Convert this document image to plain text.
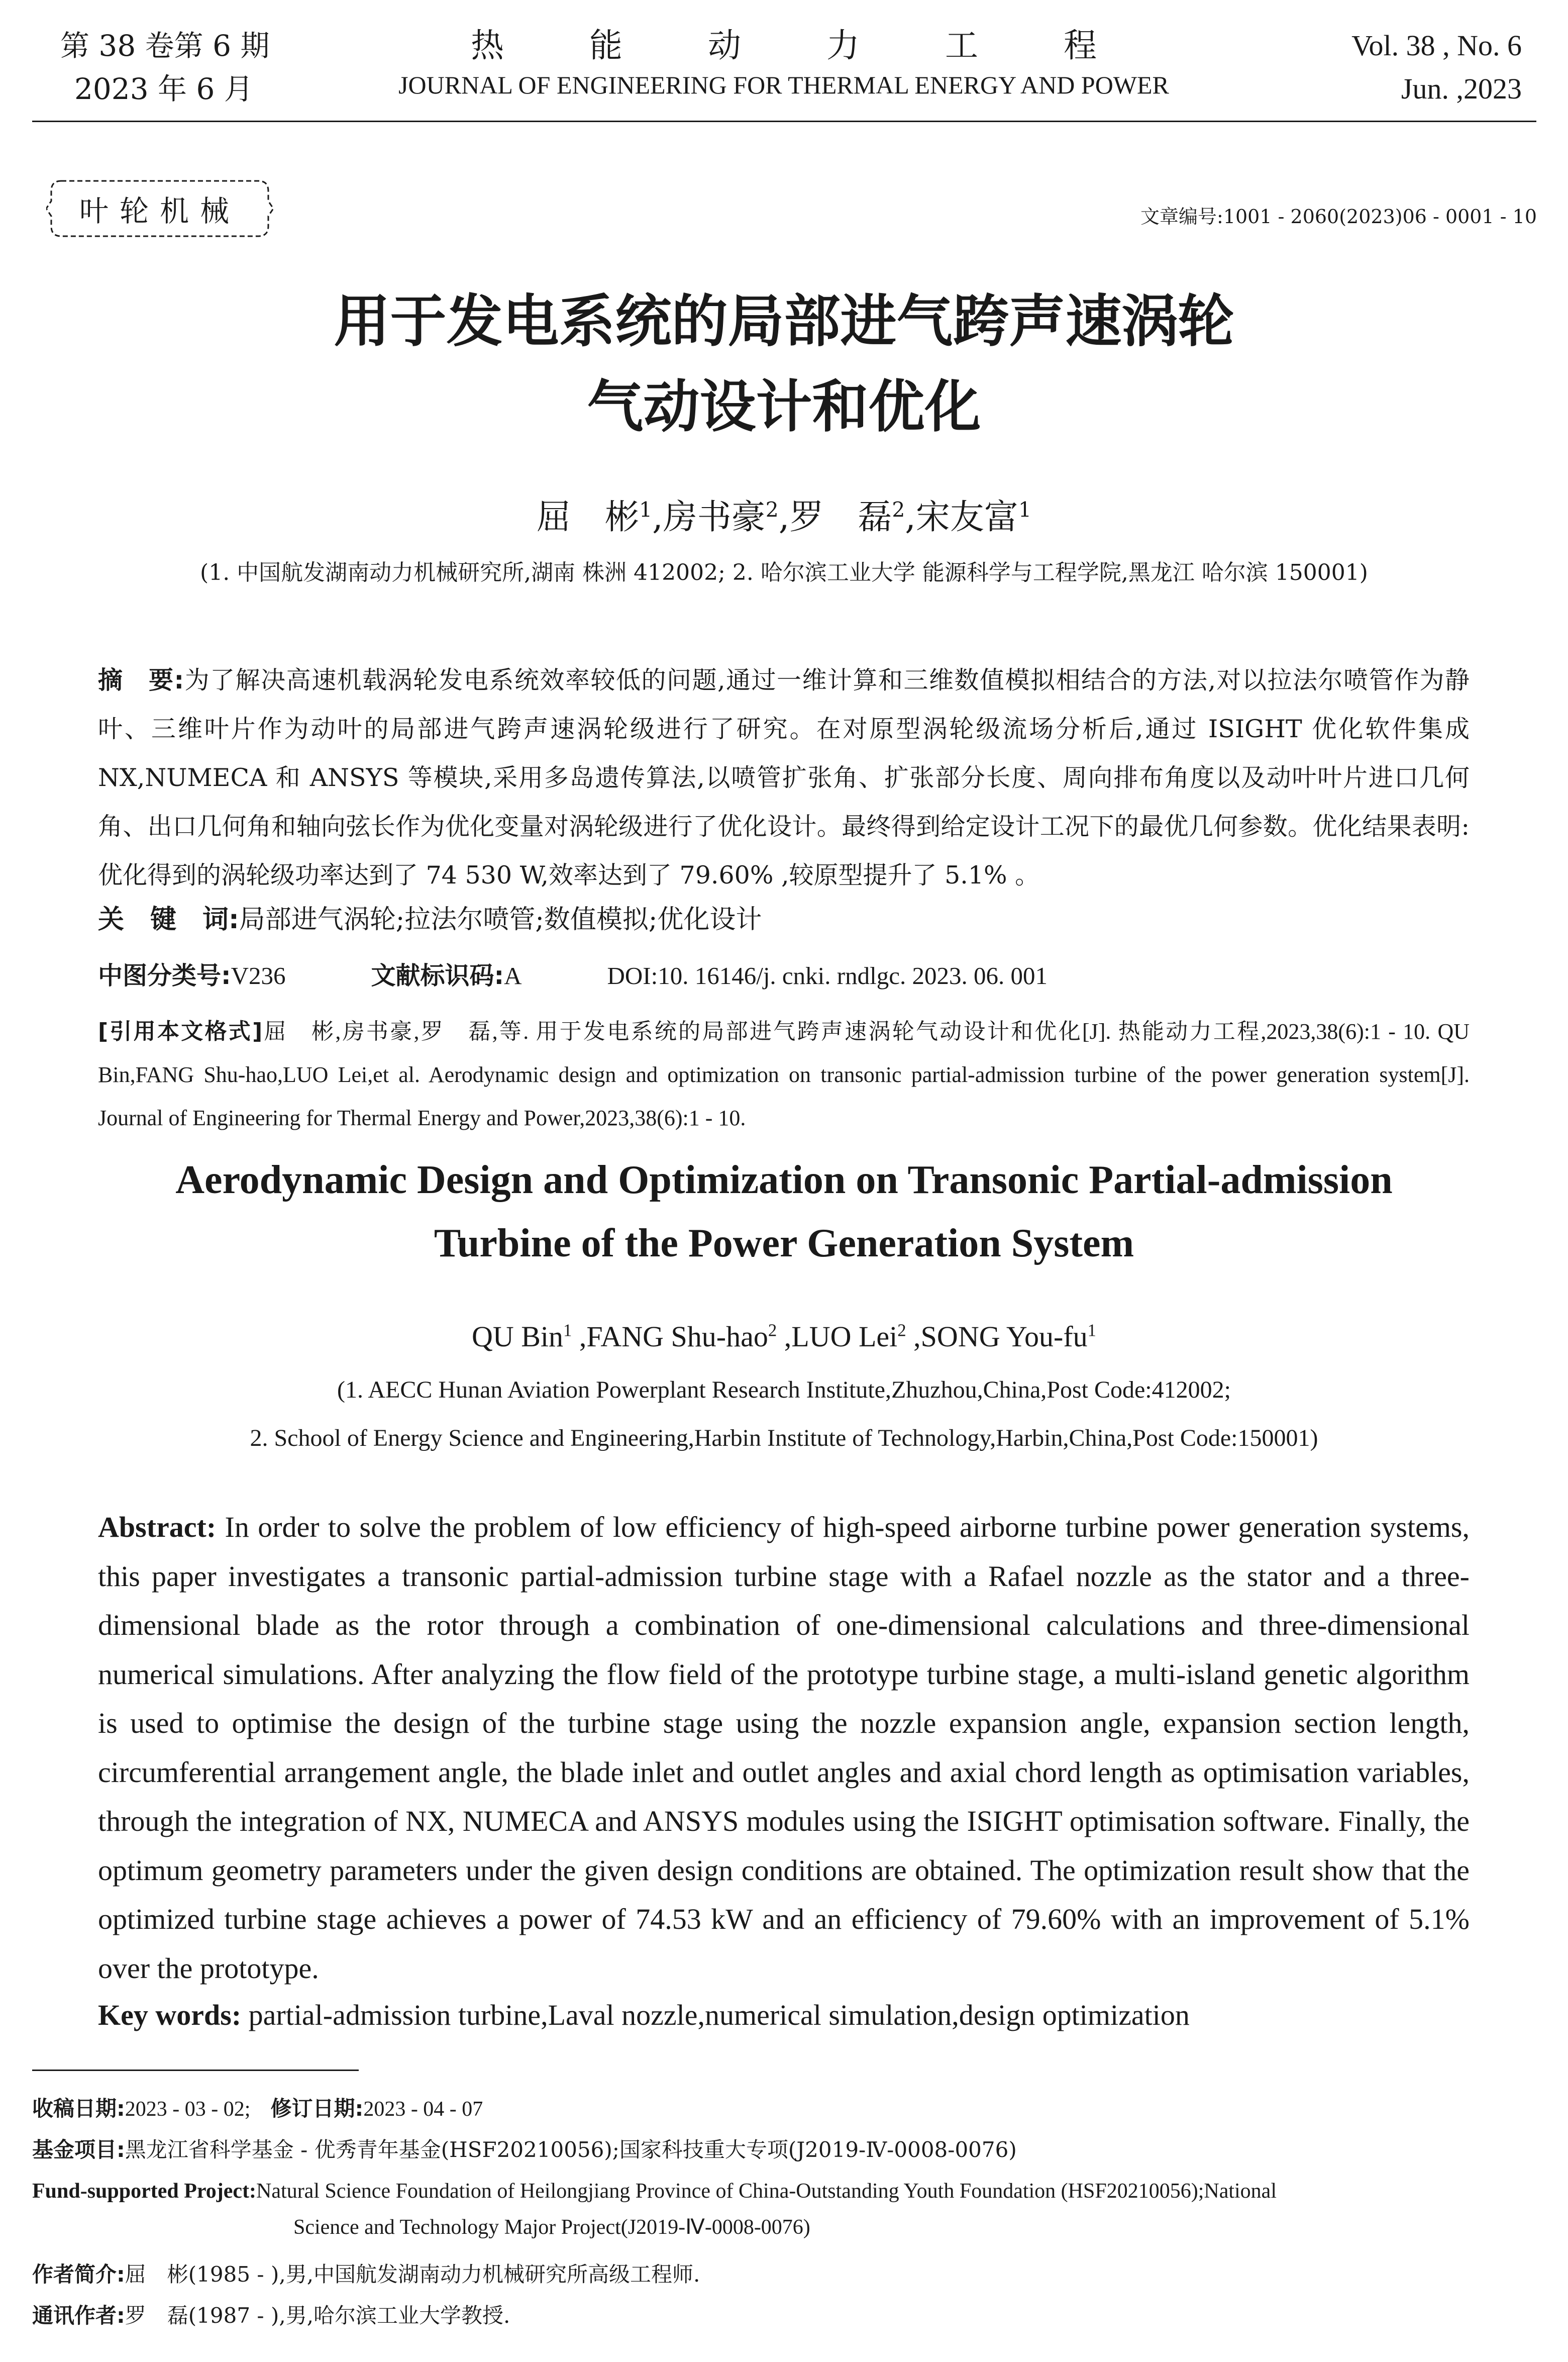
第 38 卷第 6 期
2023 年 6 月
热能动力工程
JOURNAL OF ENGINEERING FOR THERMAL ENERGY AND POWER
Vol. 38 , No. 6
Jun. ,2023
叶轮机械	文章编号:1001 - 2060(2023)06 - 0001 - 10
用于发电系统的局部进气跨声速涡轮
气动设计和优化
屈　彬$^1$,房书豪$^2$,罗　磊$^2$,宋友富$^1$
(1. 中国航发湖南动力机械研究所,湖南 株洲 412002; 2. 哈尔滨工业大学 能源科学与工程学院,黑龙江 哈尔滨 150001)
摘　要:为了解决高速机载涡轮发电系统效率较低的问题,通过一维计算和三维数值模拟相结合的方法,对以拉法尔喷管作为静叶、三维叶片作为动叶的局部进气跨声速涡轮级进行了研究。在对原型涡轮级流场分析后,通过 ISIGHT 优化软件集成 NX,NUMECA 和 ANSYS 等模块,采用多岛遗传算法,以喷管扩张角、扩张部分长度、周向排布角度以及动叶叶片进口几何角、出口几何角和轴向弦长作为优化变量对涡轮级进行了优化设计。最终得到给定设计工况下的最优几何参数。优化结果表明:优化得到的涡轮级功率达到了 74 530 W,效率达到了 79.60% ,较原型提升了 5.1% 。
关　键　词:局部进气涡轮;拉法尔喷管;数值模拟;优化设计
中图分类号:V236	文献标识码:A	DOI:10. 16146/j. cnki. rndlgc. 2023. 06. 001
[引用本文格式]屈　彬,房书豪,罗　磊,等. 用于发电系统的局部进气跨声速涡轮气动设计和优化[J]. 热能动力工程,2023,38(6):1 - 10. QU Bin,FANG Shu-hao,LUO Lei,et al. Aerodynamic design and optimization on transonic partial-admission turbine of the power generation system[J]. Journal of Engineering for Thermal Energy and Power,2023,38(6):1 - 10.
Aerodynamic Design and Optimization on Transonic Partial-admission
Turbine of the Power Generation System
QU Bin$^1$ ,FANG Shu-hao$^2$ ,LUO Lei$^2$ ,SONG You-$fu^1$
(1. AECC Hunan Aviation Powerplant Research Institute,Zhuzhou,China,Post Code:412002;
2. School of Energy Science and Engineering,Harbin Institute of Technology,Harbin,China,Post Code:150001)
Abstract: In order to solve the problem of low efficiency of high-speed airborne turbine power generation systems, this paper investigates a transonic partial-admission turbine stage with a Rafael nozzle as the stator and a three-dimensional blade as the rotor through a combination of one-dimensional calculations and three-dimensional numerical simulations. After analyzing the flow field of the prototype turbine stage, a multi-island genetic algorithm is used to optimise the design of the turbine stage using the nozzle expansion angle, expansion section length, circumferential arrangement angle, the blade inlet and outlet angles and axial chord length as optimisation variables, through the integration of NX, NUMECA and ANSYS modules using the ISIGHT optimisation software. Finally, the optimum geometry parameters under the given design conditions are obtained. The optimization result show that the optimized turbine stage achieves a power of 74.53 kW and an efficiency of 79.60% with an improvement of 5.1% over the prototype.
Key words: partial-admission turbine,Laval nozzle,numerical simulation,design optimization
收稿日期:2023 - 03 - 02; 修订日期:2023 - 04 - 07
基金项目:黑龙江省科学基金 - 优秀青年基金(HSF20210056);国家科技重大专项(J2019-Ⅳ-0008-0076)
Fund-supported Project:Natural Science Foundation of Heilongjiang Province of China-Outstanding Youth Foundation (HSF20210056);National
Science and Technology Major Project(J2019-Ⅳ-0008-0076)
作者简介:屈　彬(1985 - ),男,中国航发湖南动力机械研究所高级工程师.
通讯作者:罗　磊(1987 - ),男,哈尔滨工业大学教授.
